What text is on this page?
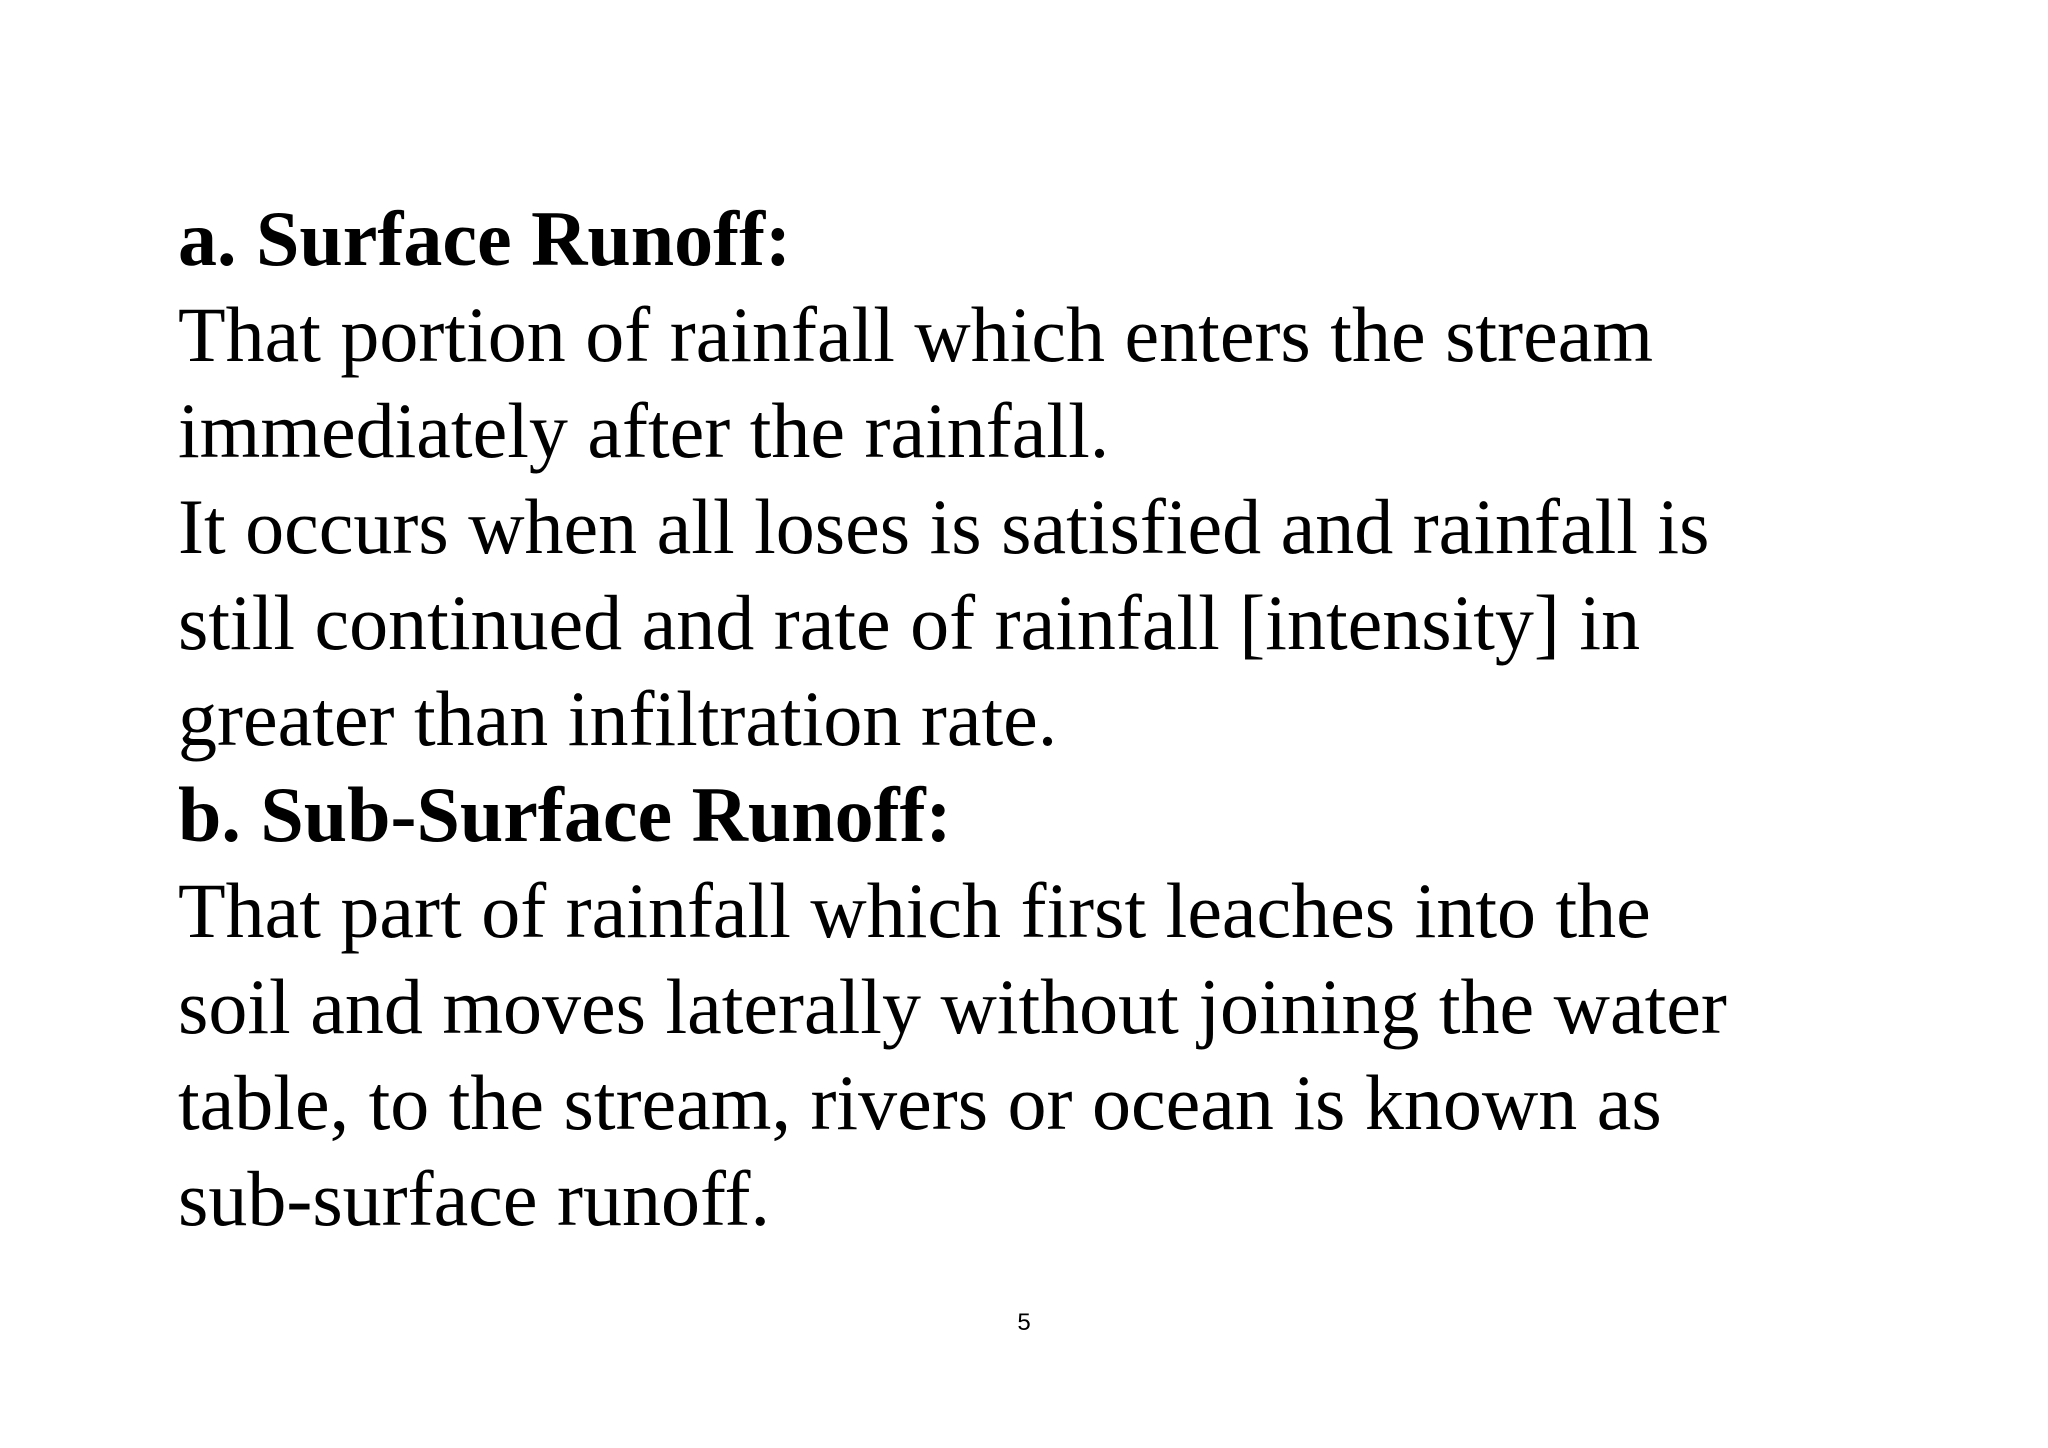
a. Surface Runoff:
That portion of rainfall which enters the stream
immediately after the rainfall.
It occurs when all loses is satisfied and rainfall is
still continued and rate of rainfall [intensity] in
greater than infiltration rate.
b. Sub-Surface Runoff:
That part of rainfall which first leaches into the
soil and moves laterally without joining the water
table, to the stream, rivers or ocean is known as
sub-surface runoff.
5
